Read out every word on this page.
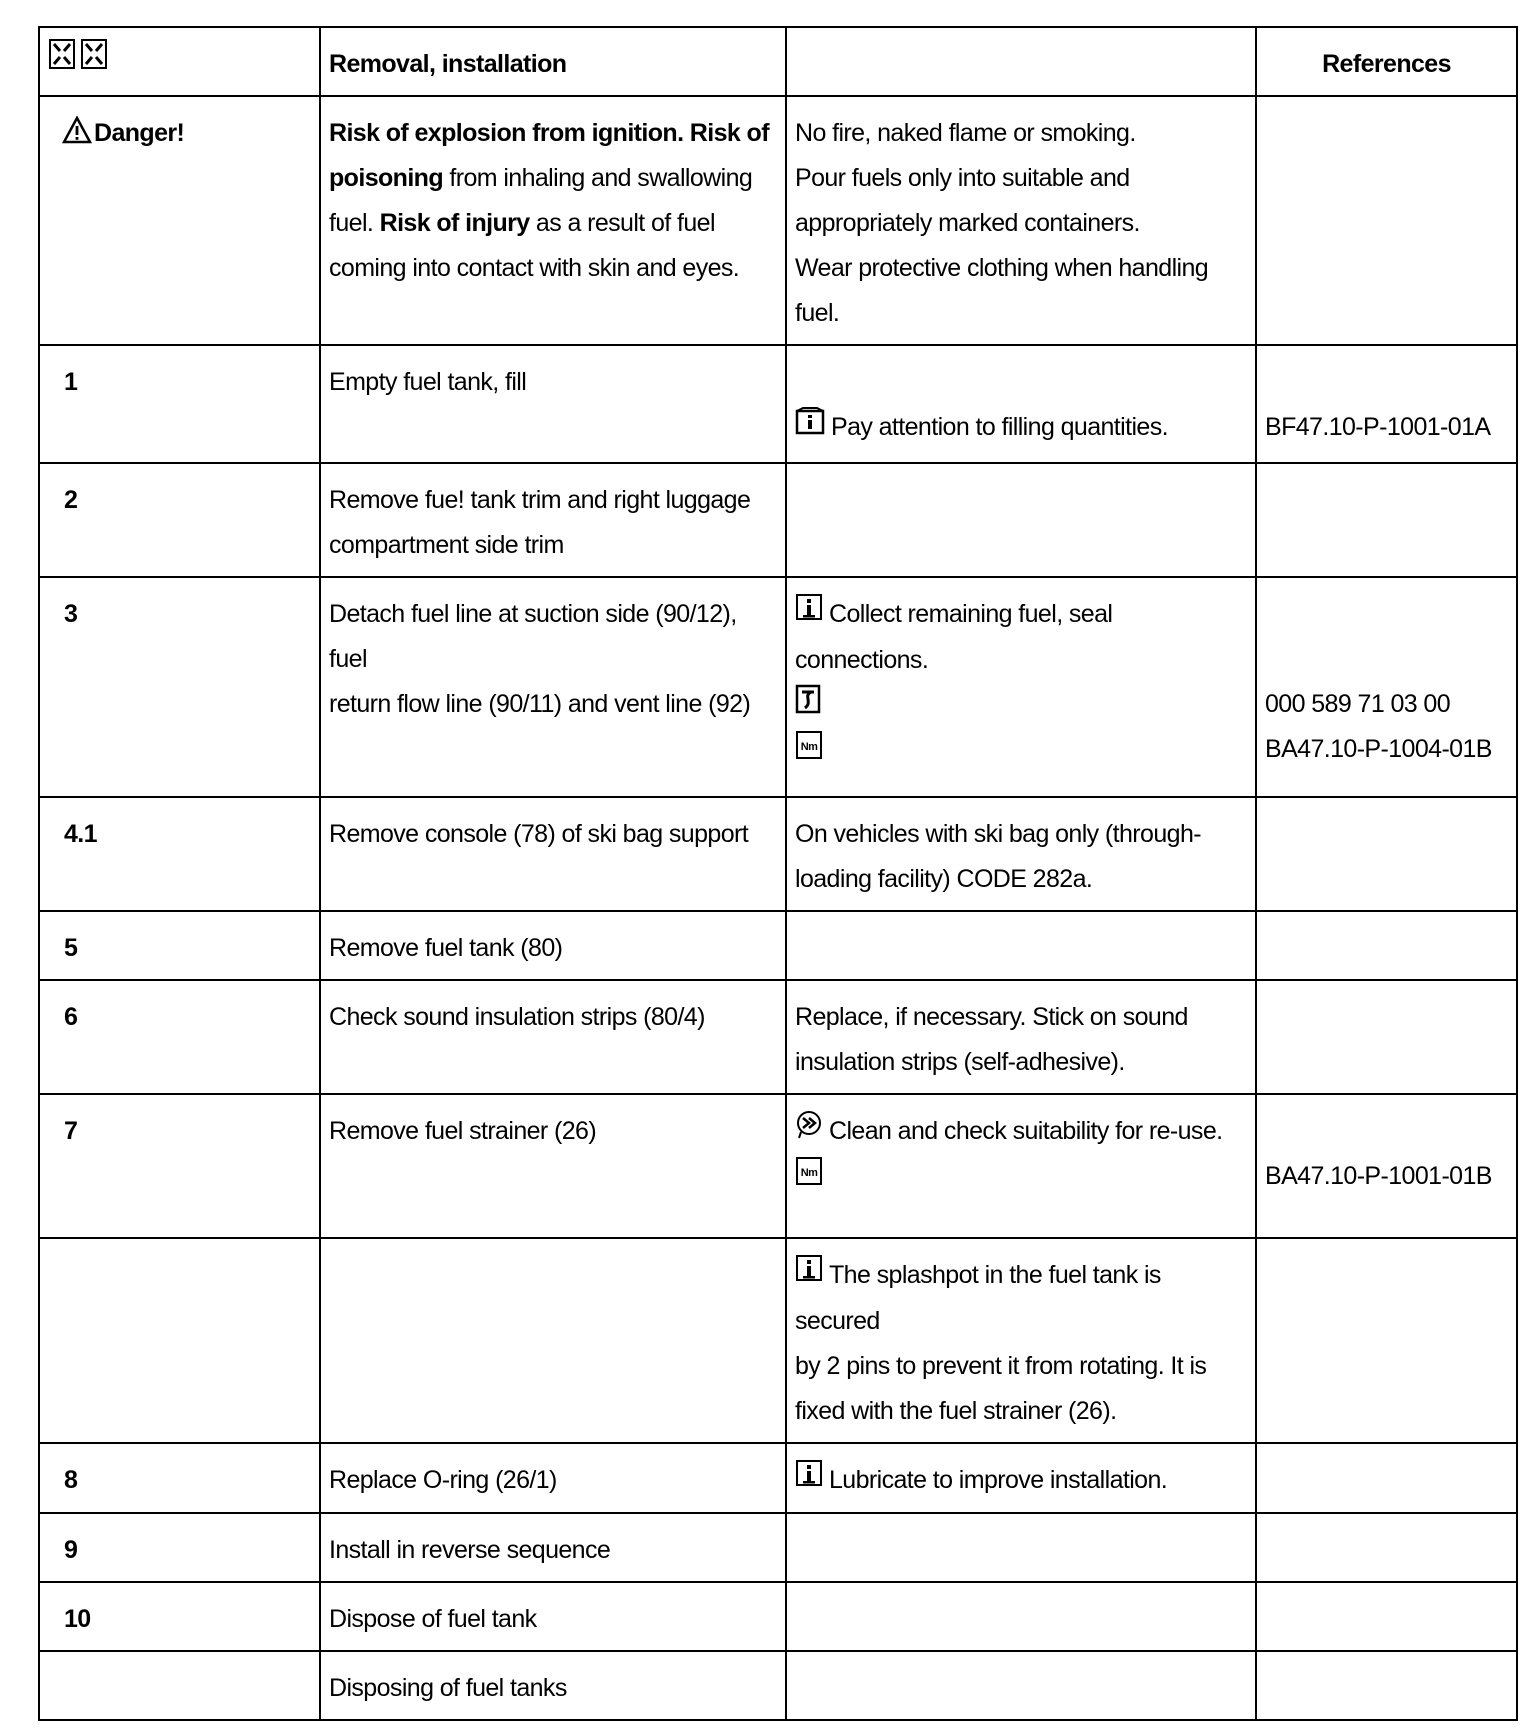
	Removal, installation		References
Danger!	Risk of explosion from ignition. Risk of
poisoning from inhaling and swallowing
fuel. Risk of injury as a result of fuel
coming into contact with skin and eyes.	No fire, naked flame or smoking.
Pour fuels only into suitable and
appropriately marked containers.
Wear protective clothing when handling
fuel.	

1	Empty fuel tank, fill	Pay attention to filling quantities.	BF47.10-P-1001-01A

2	Remove fue! tank trim and right luggage
compartment side trim		

3	Detach fuel line at suction side (90/12), fuel
return flow line (90/11) and vent line (92)	Collect remaining fuel, seal
connections.
Nm	000 589 71 03 00
BA47.10-P-1004-01B

4.1	Remove console (78) of ski bag support	On vehicles with ski bag only (through-
loading facility) CODE 282a.	

5	Remove fuel tank (80)		

6	Check sound insulation strips (80/4)	Replace, if necessary. Stick on sound
insulation strips (self-adhesive).	

7	Remove fuel strainer (26)	Clean and check suitability for re-use.
Nm	BA47.10-P-1001-01B

		The splashpot in the fuel tank is secured
by 2 pins to prevent it from rotating. It is
fixed with the fuel strainer (26).	

8	Replace O-ring (26/1)	Lubricate to improve installation.	

9	Install in reverse sequence		

10	Dispose of fuel tank		

	Disposing of fuel tanks		
